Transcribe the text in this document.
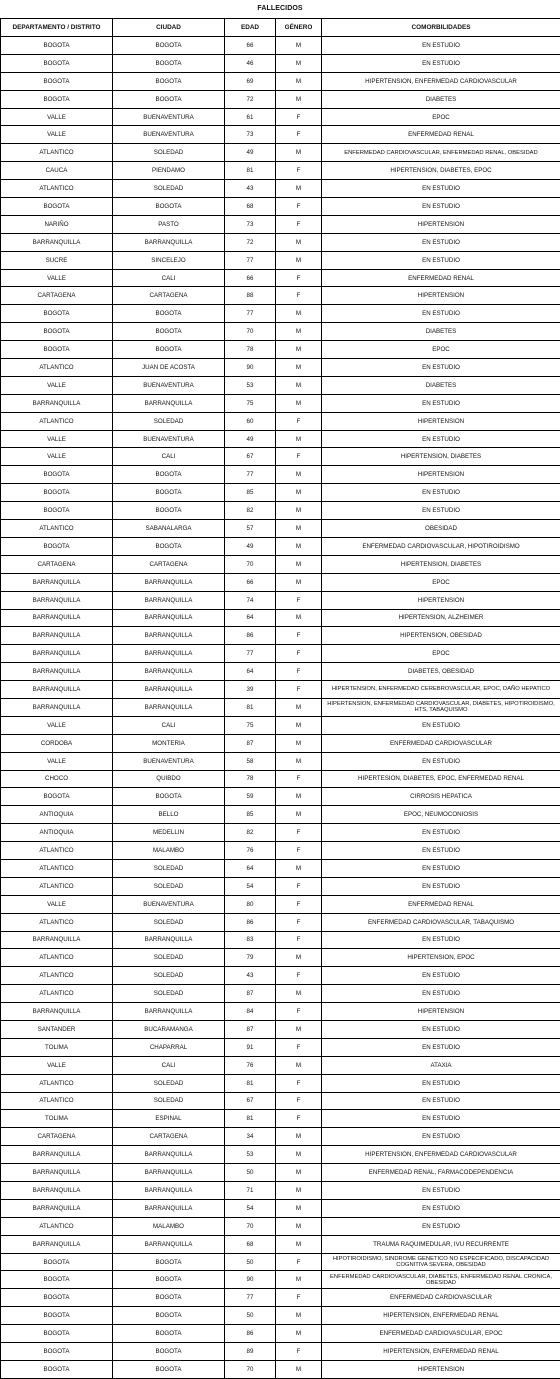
FALLECIDOS
DEPARTAMENTO / DISTRITO	CIUDAD	EDAD	GÉNERO	COMORBILIDADES
BOGOTA	BOGOTA	66	M	EN ESTUDIO
BOGOTA	BOGOTA	46	M	EN ESTUDIO
BOGOTA	BOGOTA	69	M	HIPERTENSION, ENFERMEDAD CARDIOVASCULAR
BOGOTA	BOGOTA	72	M	DIABETES
VALLE	BUENAVENTURA	61	F	EPOC
VALLE	BUENAVENTURA	73	F	ENFERMEDAD RENAL
ATLANTICO	SOLEDAD	49	M	ENFERMEDAD CARDIOVASCULAR, ENFERMEDAD RENAL, OBESIDAD
CAUCA	PIENDAMO	81	F	HIPERTENSION, DIABETES, EPOC
ATLANTICO	SOLEDAD	43	M	EN ESTUDIO
BOGOTA	BOGOTA	68	F	EN ESTUDIO
NARIÑO	PASTO	73	F	HIPERTENSION
BARRANQUILLA	BARRANQUILLA	72	M	EN ESTUDIO
SUCRE	SINCELEJO	77	M	EN ESTUDIO
VALLE	CALI	66	F	ENFERMEDAD RENAL
CARTAGENA	CARTAGENA	88	F	HIPERTENSION
BOGOTA	BOGOTA	77	M	EN ESTUDIO
BOGOTA	BOGOTA	70	M	DIABETES
BOGOTA	BOGOTA	78	M	EPOC
ATLANTICO	JUAN DE ACOSTA	90	M	EN ESTUDIO
VALLE	BUENAVENTURA	53	M	DIABETES
BARRANQUILLA	BARRANQUILLA	75	M	EN ESTUDIO
ATLANTICO	SOLEDAD	60	F	HIPERTENSION
VALLE	BUENAVENTURA	49	M	EN ESTUDIO
VALLE	CALI	67	F	HIPERTENSION, DIABETES
BOGOTA	BOGOTA	77	M	HIPERTENSION
BOGOTA	BOGOTA	85	M	EN ESTUDIO
BOGOTA	BOGOTA	82	M	EN ESTUDIO
ATLANTICO	SABANALARGA	57	M	OBESIDAD
BOGOTA	BOGOTA	49	M	ENFERMEDAD CARDIOVASCULAR, HIPOTIROIDISMO
CARTAGENA	CARTAGENA	70	M	HIPERTENSION, DIABETES
BARRANQUILLA	BARRANQUILLA	66	M	EPOC
BARRANQUILLA	BARRANQUILLA	74	F	HIPERTENSION
BARRANQUILLA	BARRANQUILLA	64	M	HIPERTENSION, ALZHEIMER
BARRANQUILLA	BARRANQUILLA	86	F	HIPERTENSION, OBESIDAD
BARRANQUILLA	BARRANQUILLA	77	F	EPOC
BARRANQUILLA	BARRANQUILLA	64	F	DIABETES, OBESIDAD
BARRANQUILLA	BARRANQUILLA	39	F	HIPERTENSION, ENFERMEDAD CEREBROVASCULAR, EPOC, DAÑO HEPATICO
BARRANQUILLA	BARRANQUILLA	81	M	HIPERTENSION, ENFERMEDAD CARDIOVASCULAR, DIABETES, HIPOTIROIDISMO, HTS, TABAQUISMO
VALLE	CALI	75	M	EN ESTUDIO
CORDOBA	MONTERIA	87	M	ENFERMEDAD CARDIOVASCULAR
VALLE	BUENAVENTURA	58	M	EN ESTUDIO
CHOCO	QUIBDO	78	F	HIPERTESION, DIABETES, EPOC, ENFERMEDAD RENAL
BOGOTA	BOGOTA	59	M	CIRROSIS HEPATICA
ANTIOQUIA	BELLO	85	M	EPOC, NEUMOCONIOSIS
ANTIOQUIA	MEDELLIN	82	F	EN ESTUDIO
ATLANTICO	MALAMBO	76	F	EN ESTUDIO
ATLANTICO	SOLEDAD	64	M	EN ESTUDIO
ATLANTICO	SOLEDAD	54	F	EN ESTUDIO
VALLE	BUENAVENTURA	80	F	ENFERMEDAD RENAL
ATLANTICO	SOLEDAD	86	F	ENFERMEDAD CARDIOVASCULAR, TABAQUISMO
BARRANQUILLA	BARRANQUILLA	83	F	EN ESTUDIO
ATLANTICO	SOLEDAD	79	M	HIPERTENSION, EPOC
ATLANTICO	SOLEDAD	43	F	EN ESTUDIO
ATLANTICO	SOLEDAD	87	M	EN ESTUDIO
BARRANQUILLA	BARRANQUILLA	84	F	HIPERTENSION
SANTANDER	BUCARAMANGA	87	M	EN ESTUDIO
TOLIMA	CHAPARRAL	91	F	EN ESTUDIO
VALLE	CALI	76	M	ATAXIA
ATLANTICO	SOLEDAD	81	F	EN ESTUDIO
ATLANTICO	SOLEDAD	67	F	EN ESTUDIO
TOLIMA	ESPINAL	81	F	EN ESTUDIO
CARTAGENA	CARTAGENA	34	M	EN ESTUDIO
BARRANQUILLA	BARRANQUILLA	53	M	HIPERTENSION, ENFERMEDAD CARDIOVASCULAR
BARRANQUILLA	BARRANQUILLA	50	M	ENFERMEDAD RENAL, FARMACODEPENDENCIA
BARRANQUILLA	BARRANQUILLA	71	M	EN ESTUDIO
BARRANQUILLA	BARRANQUILLA	54	M	EN ESTUDIO
ATLANTICO	MALAMBO	70	M	EN ESTUDIO
BARRANQUILLA	BARRANQUILLA	68	M	TRAUMA RAQUIMEDULAR, IVU RECURRENTE
BOGOTA	BOGOTA	50	F	HIPOTIROIDISMO, SINDROME GENETICO NO ESPECIFICADO, DISCAPACIDAD COGNITIVA SEVERA, OBESIDAD
BOGOTA	BOGOTA	90	M	ENFERMEDAD CARDIOVASCULAR, DIABETES, ENFERMEDAD RENAL CRONICA, OBESIDAD
BOGOTA	BOGOTA	77	F	ENFERMEDAD CARDIOVASCULAR
BOGOTA	BOGOTA	50	M	HIPERTENSION, ENFERMEDAD RENAL
BOGOTA	BOGOTA	86	M	ENFERMEDAD CARDIOVASCULAR, EPOC
BOGOTA	BOGOTA	89	F	HIPERTENSION, ENFERMEDAD RENAL
BOGOTA	BOGOTA	70	M	HIPERTENSION
